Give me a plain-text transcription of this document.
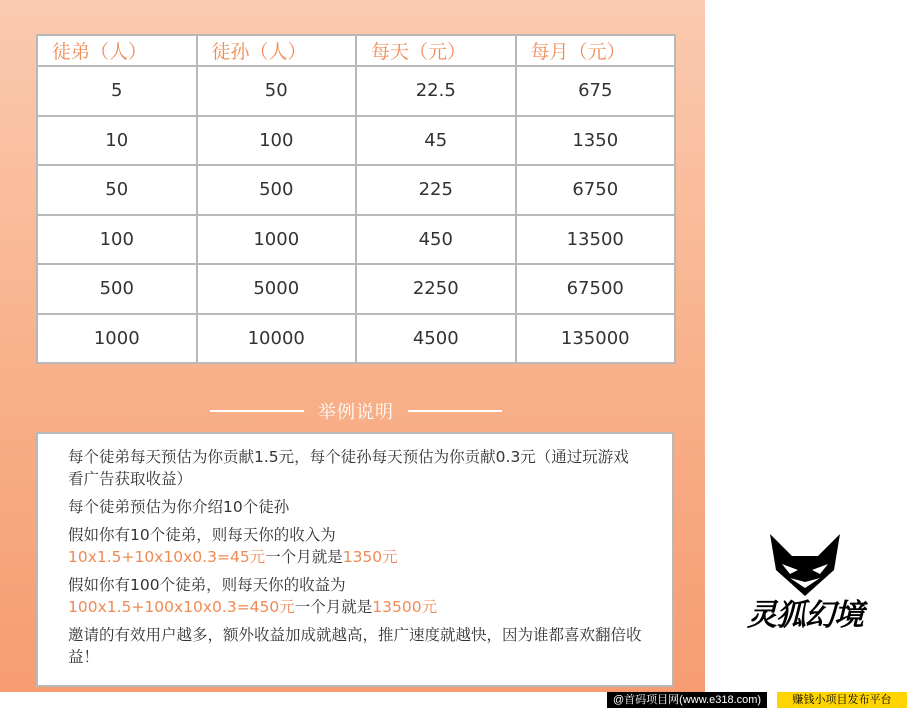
徒弟（人）	徒孙（人）	每天（元）	每月（元）
5	50	22.5	675
10	100	45	1350
50	500	225	6750
100	1000	450	13500
500	5000	2250	67500
1000	10000	4500	135000
举例说明

每个徒弟每天预估为你贡献1.5元，每个徒孙每天预估为你贡献0.3元（通过玩游戏看广告获取收益）

每个徒弟预估为你介绍10个徒孙

假如你有10个徒弟，则每天你的收入为
10x1.5+10x10x0.3=45元一个月就是1350元

假如你有100个徒弟，则每天你的收益为
100x1.5+100x10x0.3=450元一个月就是13500元

邀请的有效用户越多，额外收益加成就越高，推广速度就越快，因为谁都喜欢翻倍收益！

灵狐幻境
@首码项目网(www.e318.com)	赚钱小项目发布平台
